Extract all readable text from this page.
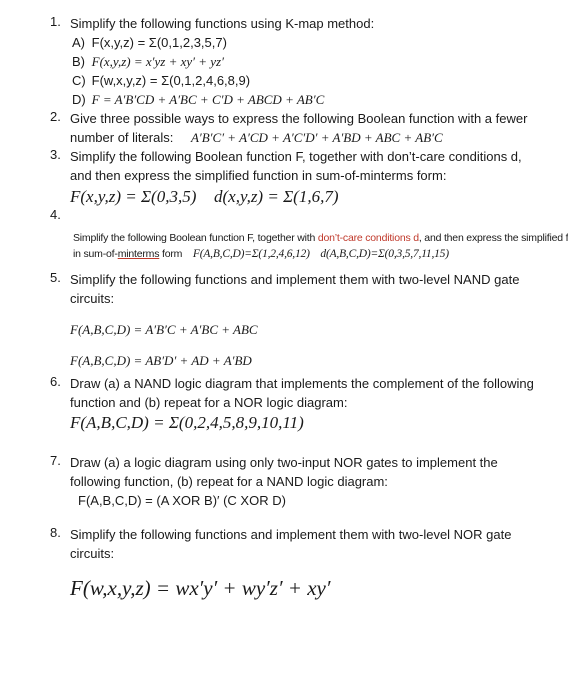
1. Simplify the following functions using K-map method:
A) F(x,y,z) = Σ(0,1,2,3,5,7)
B) F(x,y,z) = x′yz + xy′ + yz′
C) F(w,x,y,z) = Σ(0,1,2,4,6,8,9)
D) F = A′B′CD + A′BC + C′D + ABCD + AB′C
2. Give three possible ways to express the following Boolean function with a fewer number of literals: A′B′C′ + A′CD + A′C′D′ + A′BD + ABC + AB′C
3. Simplify the following Boolean function F, together with don’t-care conditions d, and then express the simplified function in sum-of-minterms form:
F(x,y,z) = Σ(0,3,5) d(x,y,z) = Σ(1,6,7)
4.
Simplify the following Boolean function F, together with don’t-care conditions d, and then express the simplified f
in sum-of-minterms form F(A,B,C,D)=Σ(1,2,4,6,12) d(A,B,C,D)=Σ(0,3,5,7,11,15)
5. Simplify the following functions and implement them with two-level NAND gate circuits:
F(A,B,C,D) = A′B′C + A′BC + ABC
F(A,B,C,D) = AB′D′ + AD + A′BD
6. Draw (a) a NAND logic diagram that implements the complement of the following function and (b) repeat for a NOR logic diagram:
F(A,B,C,D) = Σ(0,2,4,5,8,9,10,11)
7. Draw (a) a logic diagram using only two-input NOR gates to implement the following function, (b) repeat for a NAND logic diagram:
F(A,B,C,D) = (A XOR B)′ (C XOR D)
8. Simplify the following functions and implement them with two-level NOR gate circuits:
F(w,x,y,z) = wx′y′ + wy′z′ + xy′
